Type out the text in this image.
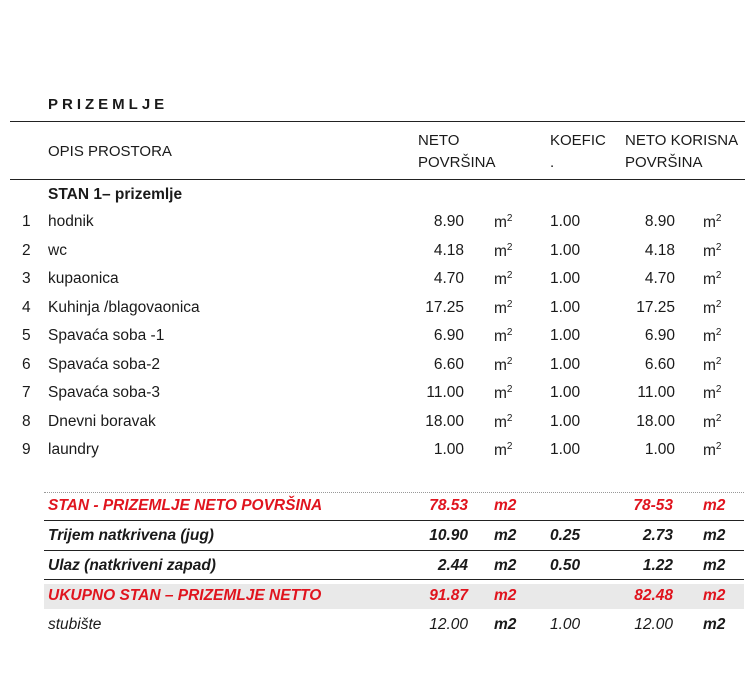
PRIZEMLJE
OPIS PROSTORA
NETO
POVRŠINA
KOEFIC
.
NETO KORISNA
POVRŠINA
STAN 1– prizemlje
1 hodnik	8.90 $m^2$ 1.00	8.90 $m^2$
2 wc	4.18 $m^2$ 1.00	4.18 $m^2$
3 kupaonica	4.70 $m^2$ 1.00	4.70 $m^2$
4 Kuhinja /blagovaonica	17.25 $m^2$ 1.00	17.25 $m^2$
5 Spavaća soba -1	6.90 $m^2$ 1.00	6.90 $m^2$
6 Spavaća soba-2	6.60 $m^2$ 1.00	6.60 $m^2$
7 Spavaća soba-3	11.00 $m^2$ 1.00	11.00 $m^2$
8 Dnevni boravak	18.00 $m^2$ 1.00	18.00 $m^2$
9 laundry	1.00 $m^2$ 1.00	1.00 $m^2$
STAN - PRIZEMLJE NETO POVRŠINA	78.53 m2	78-53 m2
Trijem natkrivena (jug)	10.90 m2 0.25	2.73 m2
Ulaz (natkriveni zapad)	2.44 m2 0.50	1.22 m2
UKUPNO STAN – PRIZEMLJE NETTO	91.87 m2	82.48 m2
stubište	12.00 m2 1.00	12.00 m2
